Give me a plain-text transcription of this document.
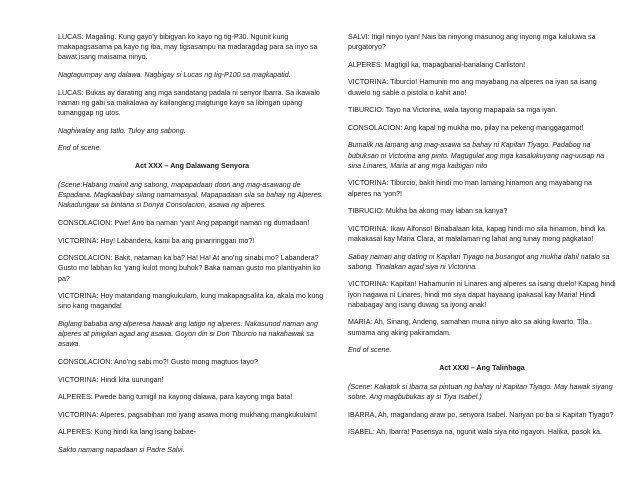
LUCAS: Magaling. Kung gayo’y bibigyan ko kayo ng tig-P30. Ngunit kung makapagsasama pa kayo ng iba, may tigsasampu na madaragdag para sa inyo sa bawat isang maisama ninyo.

Nagtagumpay ang dalawa. Nagbigay si Lucas ng tig-P100 sa magkapatid.

LUCAS: Bukas ay darating ang mga sandatang padala ni senyor Ibarra. Sa ikawalo naman ng gabi sa makalawa ay kailangang magtungo kayo sa libingan upang tumanggap ng utos.

Naghiwalay ang tatlo. Tuloy ang sabong.

End of scene.

Act XXX – Ang Dalawang Senyora

(Scene:Habang mainit ang sabong, mapapadaan doon ang mag-asawang de Espadana. Magkaakbay silang namamasyal. Mapapadaan sila sa bahay ng Alperes. Nakadungaw sa bintana si Donya Consolacion, asawa ng alperes.

CONSOLACION: Pwe! Ano ba naman ‘yan! Ang papangit naman ng dumadaan!

VICTORINA: Hoy! Labandera, kami ba ang pinariringgan mo?!

CONSOLACION: Bakit, nataman ka ba? Ha! Ha! At ano’ng sinabi mo? Labandera? Gusto mo labhan ko ‘yang kulot mong buhok? Baka naman gusto mo plantiyahin ko pa?

VICTORINA: Hoy matandang mangkukulam, kung makapagsalita ka, akala mo kung sino kang maganda!

Biglang bababa ang alperesa hawak ang latigo ng alperes. Nakasunod naman ang alperes at pinigilan agad ang asawa. Goyon din si Don Tiburcio na nakahawak sa asawa.

CONSOLACION: Ano’ng sabi mo?! Gusto mong magtuos tayo?

VICTORINA: Hindi kita uurungan!

ALPERES: Pwede bang tumigil na kayong dalawa, para kayong mga bata!

VICTORINA: Alperes, pagsabihan mo iyang asawa mong mukhang mangkukulam!

ALPERES: Kung hindi ka lang isang babae-

Sakto namang napadaan si Padre Salvi.

SALVI: Itigil ninyo iyan! Nais ba ninyong masunog ang inyong mga kaluluwa sa purgatoryo?

ALPERES: Magtigil ka, mapagbanal-banalang Carliston!

VICTORINA: Tiburcio! Hamunin mo ang mayabang na alperes na iyan sa isang duwelo ng sable o pistola o kahit ano!

TIBURCIO: Tayo na Victorina, wala tayong mapapala sa mga iyan.

CONSOLACION: Ang kapal ng mukha mo, pilay na pekeng manggagamot!

Bumalik na lamang ang mag-asawa sa bahay ni Kapitan Tiyago. Padabog na bubuksan ni Victorina ang pinto. Magugulat ang mga kasalukuyang nag-uusap na sina Linares, Maria at ang mga kaibigan nito

VICTORINA: Tiburcio, bakit hindi mo man lamang hinamon ang mayabang na alperes na ‘yon?!

TIBRUCIO: Mukha ba akong may laban sa kanya?

VICTORINA: Ikaw Alfonso! Binabalaan kita, kapag hindi mo sila hinamon, hindi ka makakasal kay Maria Clara, at malalaman ng lahat ang tunay mong pagkatao!

Sabay naman ang dating ni Kapitan Tiyago na busangot ang mukha dahil natalo sa sabong. Tinalakan agad siya ni Victorina.

VICTORINA: Kapitan! Hahamunin ni Linares ang alperes sa isang duelo! Kapag hindi iyon nagawa ni Linares, hindi mo siya dapat hayaang ipakasal kay Maria! Hindi nababagay ang isang duwag sa iyong anak!

MARIA: Ah, Sinang, Andeng, samahan muna ninyo ako sa aking kwarto. Tila.. sumama ang aking pakiramdam.

End of scene.

Act XXXI – Ang Talinhaga

(Scene: Kakatok si Ibarra sa pintuan ng bahay ni Kapitan Tiyago. May hawak siyang sobre. Ang magbubukas ay si Tiya Isabel.)

IBARRA, Ah, magandang araw po, senyora Isabel. Nariyan po ba si Kapitan Tiyago?

ISABEL: Ah, Ibarra! Pasensya na, ngunit wala siya rito ngayon. Halika, pasok ka.
